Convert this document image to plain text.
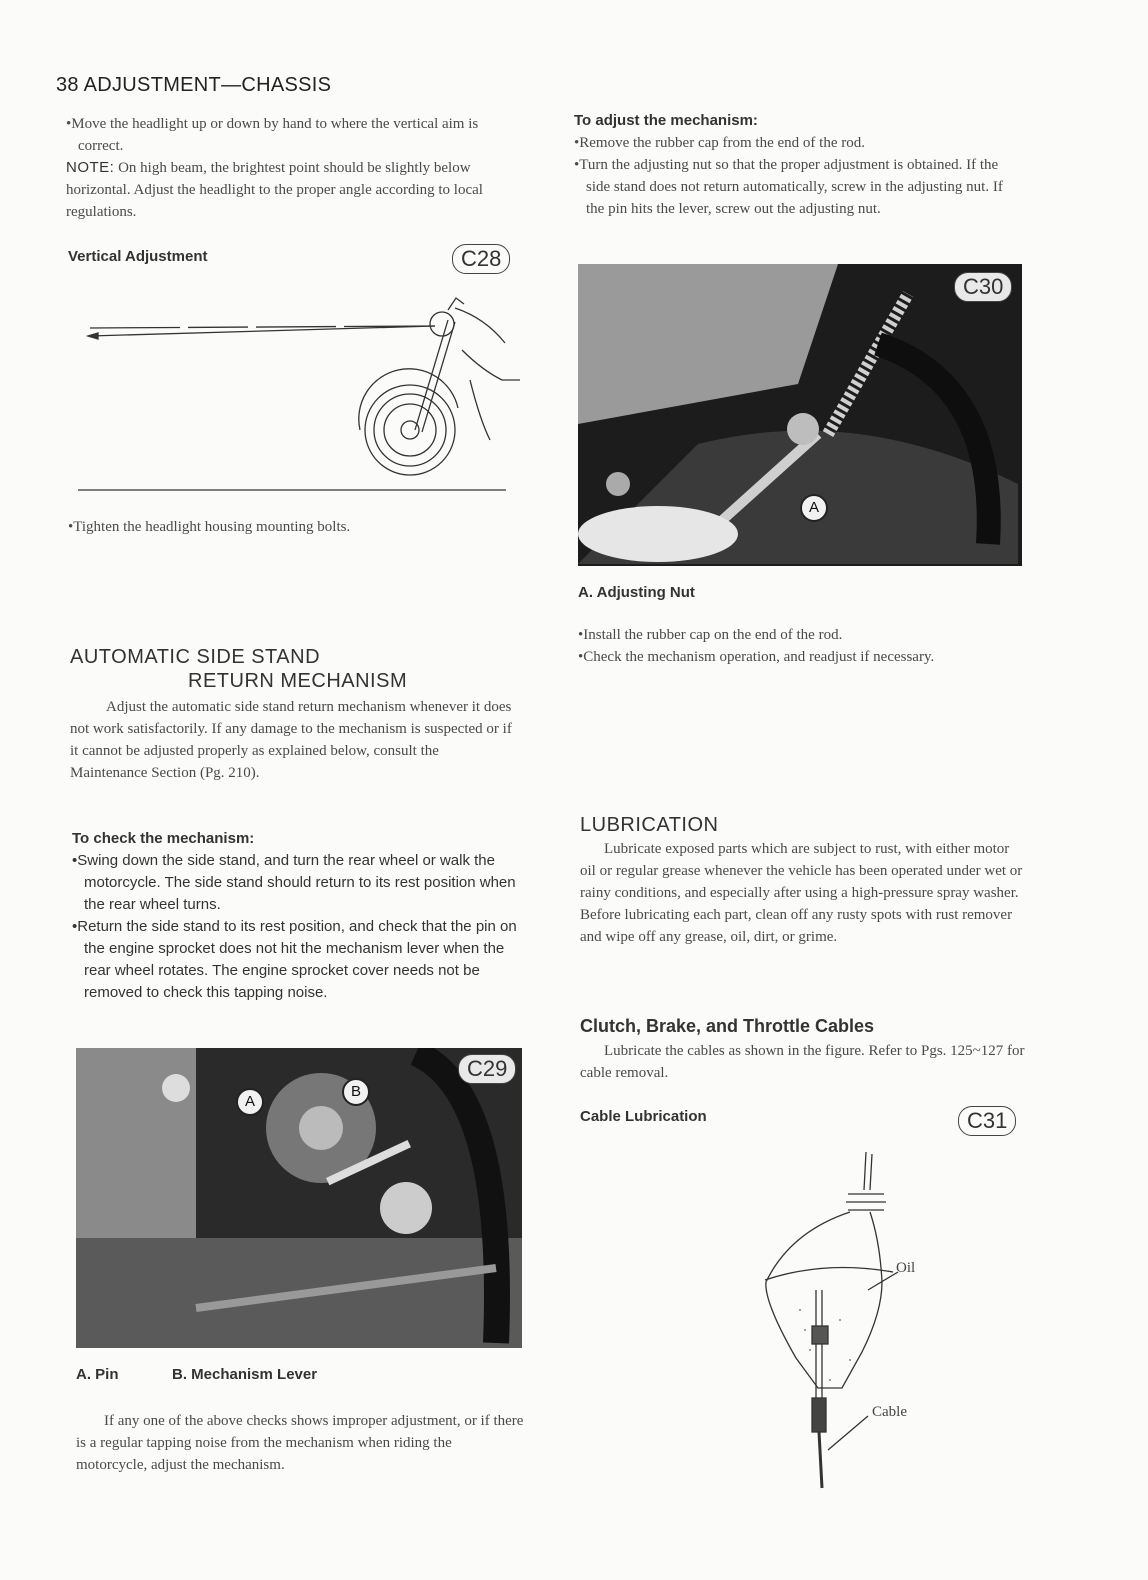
38 ADJUSTMENT—CHASSIS

•Move the headlight up or down by hand to where the vertical aim is correct.

NOTE: On high beam, the brightest point should be slightly below horizontal. Adjust the headlight to the proper angle according to local regulations.

Vertical Adjustment	C28
•Tighten the headlight housing mounting bolts.
AUTOMATIC SIDE STAND
RETURN MECHANISM
Adjust the automatic side stand return mechanism whenever it does not work satisfactorily. If any damage to the mechanism is suspected or if it cannot be adjusted properly as explained below, consult the Maintenance Section (Pg. 210).
To check the mechanism:

•Swing down the side stand, and turn the rear wheel or walk the motorcycle. The side stand should return to its rest position when the rear wheel turns.

•Return the side stand to its rest position, and check that the pin on the engine sprocket does not hit the mechanism lever when the rear wheel rotates. The engine sprocket cover needs not be removed to check this tapping noise.

C29
A
B
A. Pin	B. Mechanism Lever
If any one of the above checks shows improper adjustment, or if there is a regular tapping noise from the mechanism when riding the motorcycle, adjust the mechanism.
To adjust the mechanism:

•Remove the rubber cap from the end of the rod.

•Turn the adjusting nut so that the proper adjustment is obtained. If the side stand does not return automatically, screw in the adjusting nut. If the pin hits the lever, screw out the adjusting nut.

C30
A
A. Adjusting Nut

•Install the rubber cap on the end of the rod.

•Check the mechanism operation, and readjust if necessary.

LUBRICATION
Lubricate exposed parts which are subject to rust, with either motor oil or regular grease whenever the vehicle has been operated under wet or rainy conditions, and especially after using a high-pressure spray washer. Before lubricating each part, clean off any rusty spots with rust remover and wipe off any grease, oil, dirt, or grime.
Clutch, Brake, and Throttle Cables
Lubricate the cables as shown in the figure. Refer to Pgs. 125~127 for cable removal.
Cable Lubrication	C31
Oil
Cable
